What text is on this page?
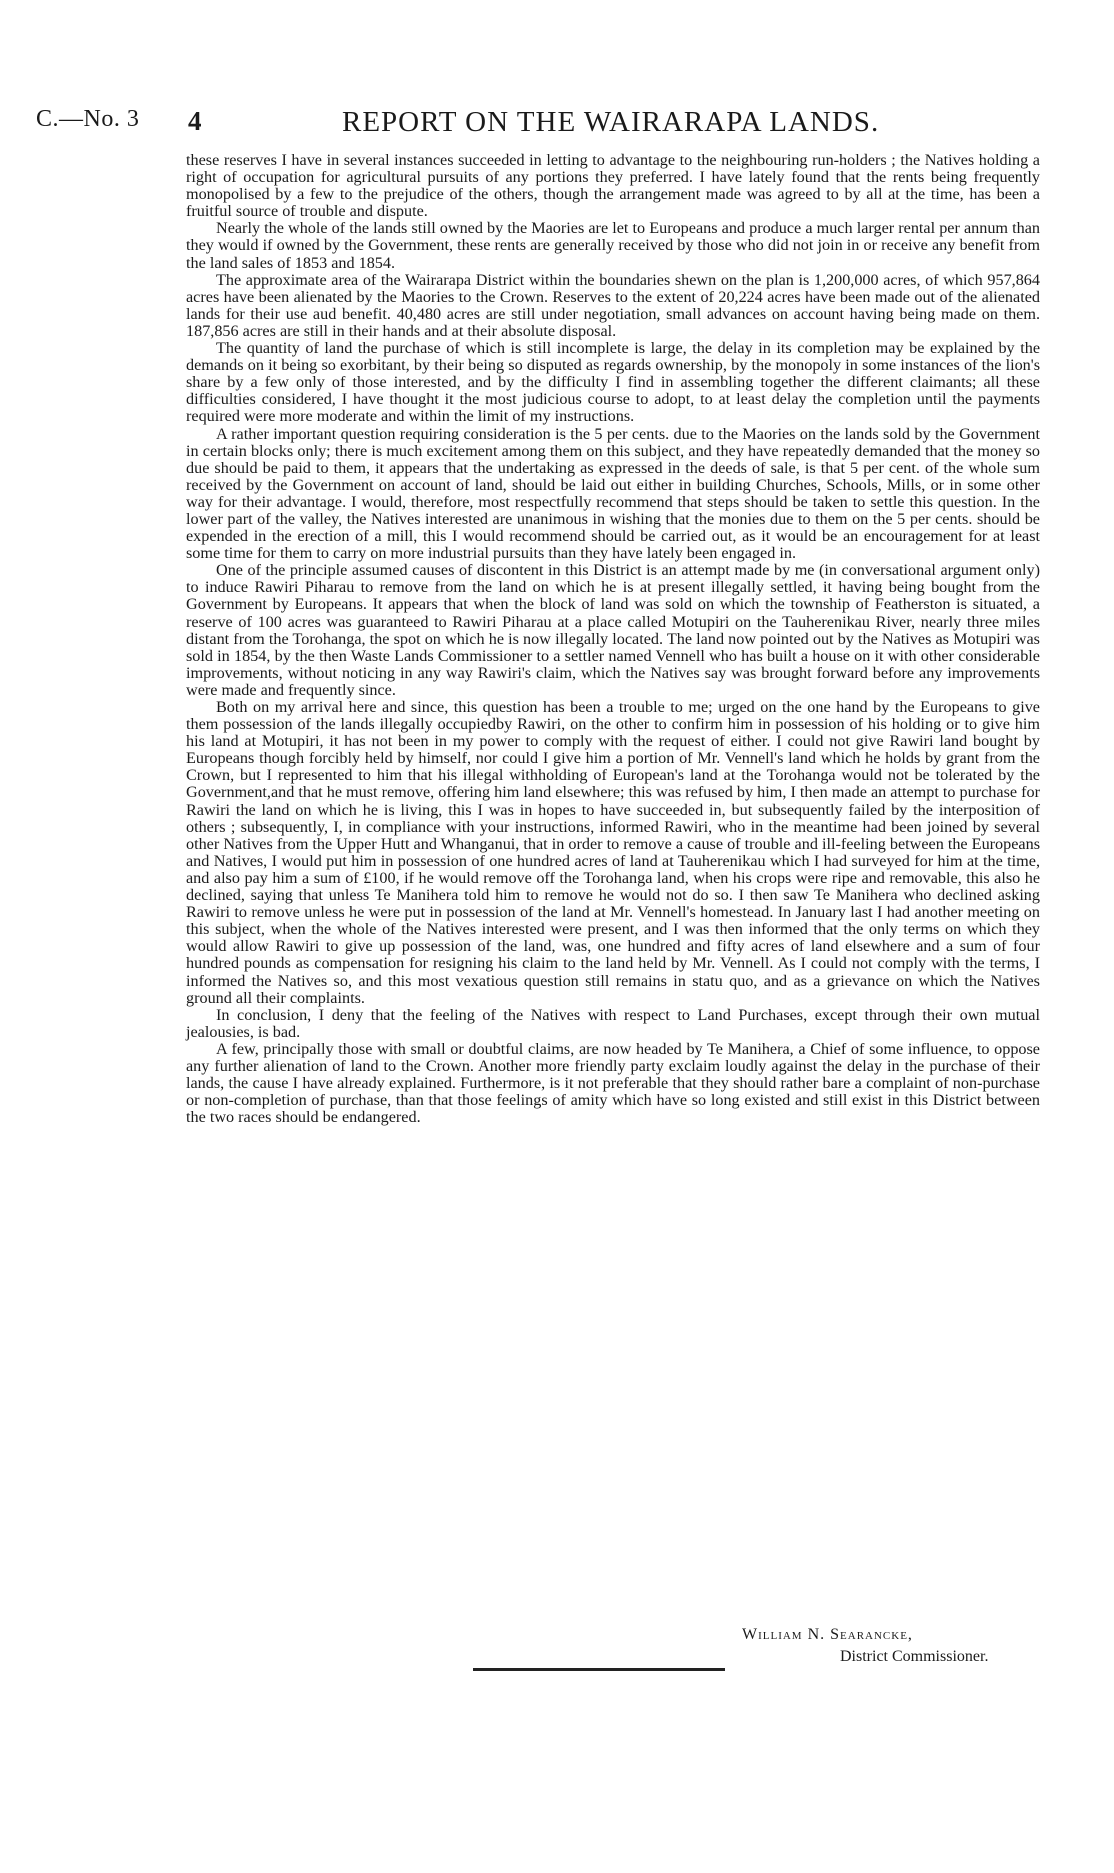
C.—No. 3 4	REPORT ON THE WAIRARAPA LANDS.

these reserves I have in several instances succeeded in letting to advantage to the neighbouring run-holders ; the Natives holding a right of occupation for agricultural pursuits of any portions they preferred. I have lately found that the rents being frequently monopolised by a few to the prejudice of the others, though the arrangement made was agreed to by all at the time, has been a fruitful source of trouble and dispute.

Nearly the whole of the lands still owned by the Maories are let to Europeans and produce a much larger rental per annum than they would if owned by the Government, these rents are generally received by those who did not join in or receive any benefit from the land sales of 1853 and 1854.

The approximate area of the Wairarapa District within the boundaries shewn on the plan is 1,200,000 acres, of which 957,864 acres have been alienated by the Maories to the Crown. Reserves to the extent of 20,224 acres have been made out of the alienated lands for their use aud benefit. 40,480 acres are still under negotiation, small advances on account having being made on them. 187,856 acres are still in their hands and at their absolute disposal.

The quantity of land the purchase of which is still incomplete is large, the delay in its completion may be explained by the demands on it being so exorbitant, by their being so disputed as regards ownership, by the monopoly in some instances of the lion's share by a few only of those interested, and by the difficulty I find in assembling together the different claimants; all these difficulties considered, I have thought it the most judicious course to adopt, to at least delay the completion until the payments required were more moderate and within the limit of my instructions.

A rather important question requiring consideration is the 5 per cents. due to the Maories on the lands sold by the Government in certain blocks only; there is much excitement among them on this subject, and they have repeatedly demanded that the money so due should be paid to them, it appears that the undertaking as expressed in the deeds of sale, is that 5 per cent. of the whole sum received by the Government on account of land, should be laid out either in building Churches, Schools, Mills, or in some other way for their advantage. I would, therefore, most respectfully recommend that steps should be taken to settle this question. In the lower part of the valley, the Natives interested are unanimous in wishing that the monies due to them on the 5 per cents. should be expended in the erection of a mill, this I would recommend should be carried out, as it would be an encouragement for at least some time for them to carry on more industrial pursuits than they have lately been engaged in.

One of the principle assumed causes of discontent in this District is an attempt made by me (in conversational argument only) to induce Rawiri Piharau to remove from the land on which he is at present illegally settled, it having being bought from the Government by Europeans. It appears that when the block of land was sold on which the township of Featherston is situated, a reserve of 100 acres was guaranteed to Rawiri Piharau at a place called Motupiri on the Tauherenikau River, nearly three miles distant from the Torohanga, the spot on which he is now illegally located. The land now pointed out by the Natives as Motupiri was sold in 1854, by the then Waste Lands Commissioner to a settler named Vennell who has built a house on it with other considerable improvements, without noticing in any way Rawiri's claim, which the Natives say was brought forward before any improvements were made and frequently since.

Both on my arrival here and since, this question has been a trouble to me; urged on the one hand by the Europeans to give them possession of the lands illegally occupiedby Rawiri, on the other to confirm him in possession of his holding or to give him his land at Motupiri, it has not been in my power to comply with the request of either. I could not give Rawiri land bought by Europeans though forcibly held by himself, nor could I give him a portion of Mr. Vennell's land which he holds by grant from the Crown, but I represented to him that his illegal withholding of European's land at the Torohanga would not be tolerated by the Government,and that he must remove, offering him land elsewhere; this was refused by him, I then made an attempt to purchase for Rawiri the land on which he is living, this I was in hopes to have succeeded in, but subsequently failed by the interposition of others ; subsequently, I, in compliance with your instructions, informed Rawiri, who in the meantime had been joined by several other Natives from the Upper Hutt and Whanganui, that in order to remove a cause of trouble and ill-feeling between the Europeans and Natives, I would put him in possession of one hundred acres of land at Tauherenikau which I had surveyed for him at the time, and also pay him a sum of £100, if he would remove off the Torohanga land, when his crops were ripe and removable, this also he declined, saying that unless Te Manihera told him to remove he would not do so. I then saw Te Manihera who declined asking Rawiri to remove unless he were put in possession of the land at Mr. Vennell's homestead. In January last I had another meeting on this subject, when the whole of the Natives interested were present, and I was then informed that the only terms on which they would allow Rawiri to give up possession of the land, was, one hundred and fifty acres of land elsewhere and a sum of four hundred pounds as compensation for resigning his claim to the land held by Mr. Vennell. As I could not comply with the terms, I informed the Natives so, and this most vexatious question still remains in statu quo, and as a grievance on which the Natives ground all their complaints.

In conclusion, I deny that the feeling of the Natives with respect to Land Purchases, except through their own mutual jealousies, is bad.

A few, principally those with small or doubtful claims, are now headed by Te Manihera, a Chief of some influence, to oppose any further alienation of land to the Crown. Another more friendly party exclaim loudly against the delay in the purchase of their lands, the cause I have already explained. Furthermore, is it not preferable that they should rather bare a complaint of non-purchase or non-completion of purchase, than that those feelings of amity which have so long existed and still exist in this District between the two races should be endangered.

William N. Searancke,
District Commissioner.
